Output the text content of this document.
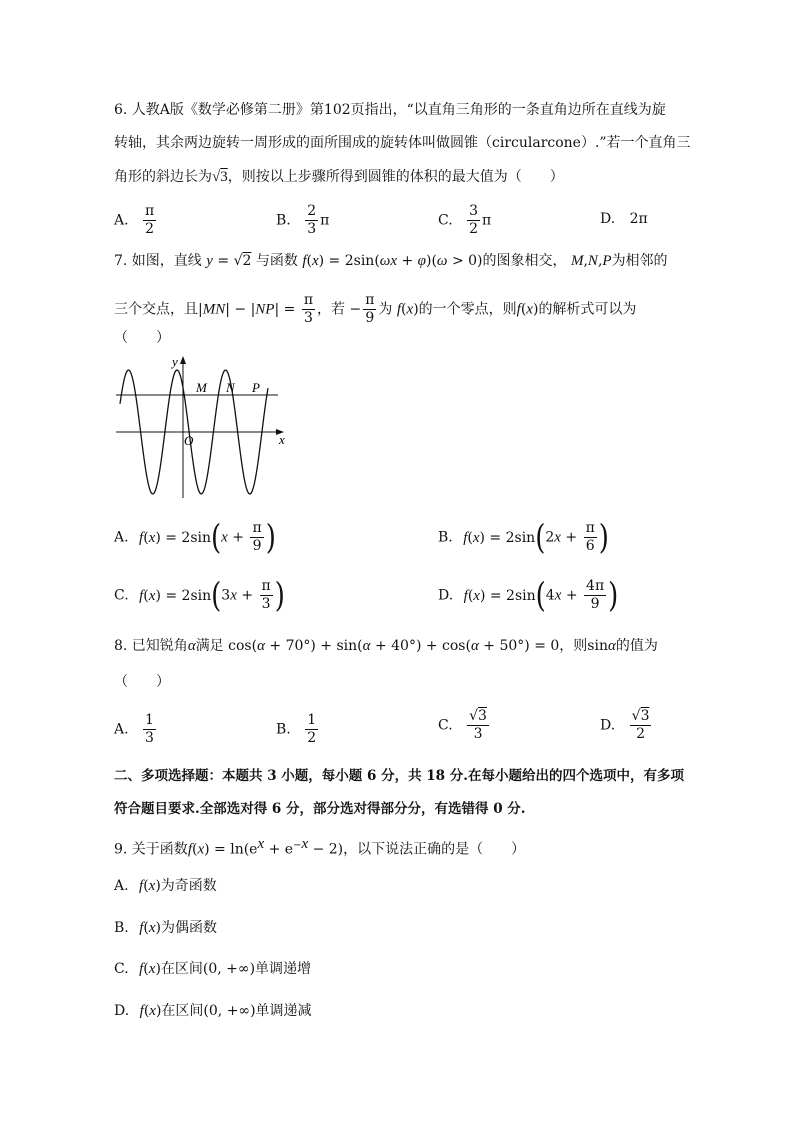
6. 人教A版《数学必修第二册》第102页指出，“以直角三角形的一条直角边所在直线为旋
转轴，其余两边旋转一周形成的面所围成的旋转体叫做圆锥（circularcone）.”若一个直角三
角形的斜边长为√3，则按以上步骤所得到圆锥的体积的最大值为（　　）
A. $\frac{\pi}{2}$	B. $\frac{2}{3}$ π	C. $\frac{3}{2}$ π	D. 2π
7. 如图，直线 y = √2 与函数 f(x) = 2sin(ωx + φ)(ω > 0)的图象相交， M,N,P为相邻的
三个交点，且$|MN| - |NP| = \frac{\pi}{3}$ ，若 − $\frac{\pi}{9}$ 为 f(x)的一个零点，则f(x)的解析式可以为
（　　）
y
x
O
M N P
A. $f(x) = 2\sin(x + \frac{\pi}{9}$ )	B. $f(x) = 2\sin(2x + \frac{\pi}{6}$ )
C. $f(x) = 2\sin(3x + \frac{\pi}{3}$ )	D. $f(x) = 2\sin(4x + \frac{4\pi}{9}$ )
8. 已知锐角α满足 cos(α + 70°) + sin(α + 40°) + cos(α + 50°) = 0，则sinα的值为
（　　）
A. $\frac{1}{3}$	B. $\frac{1}{2}$	C. $\frac{√3}{3}$	D. $\frac{√3}{2}$
二、多项选择题：本题共 3 小题，每小题 6 分，共 18 分.在每小题给出的四个选项中，有多项
符合题目要求.全部选对得 6 分，部分选对得部分分，有选错得 0 分.
9. 关于函数$f(x) = \ln(e^x + e^{-x} - 2)$，以下说法正确的是（　　）
A. f(x)为奇函数
B. f(x)为偶函数
C. f(x)在区间(0, +∞)单调递增
D. f(x)在区间(0, +∞)单调递减
